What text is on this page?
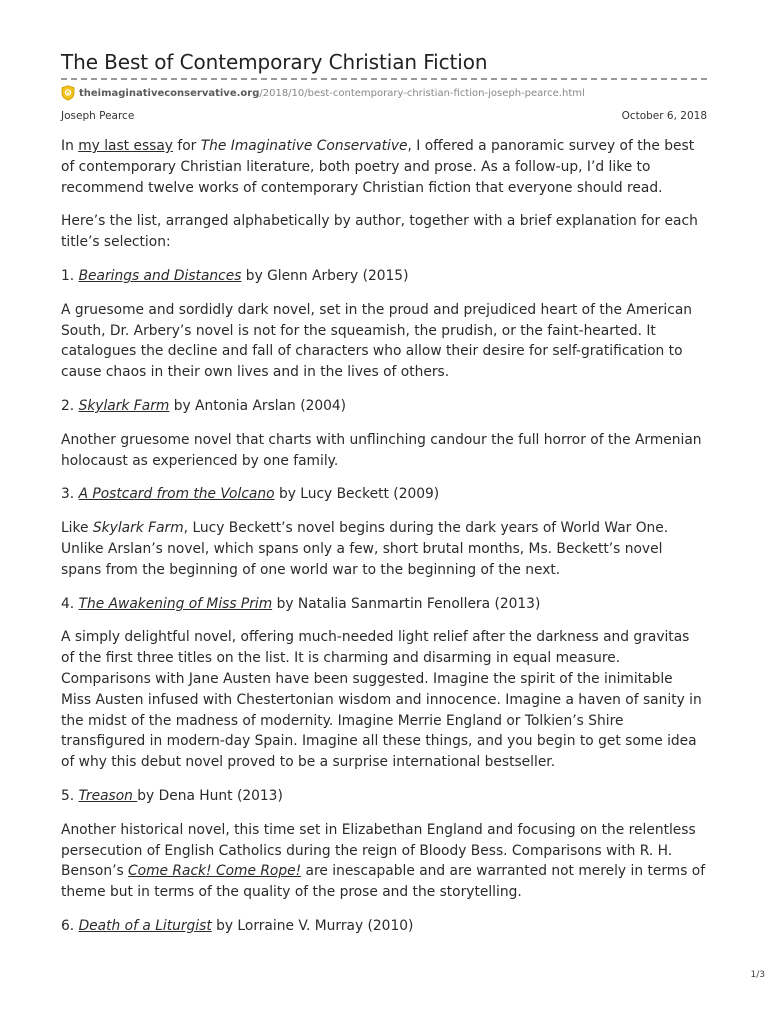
The Best of Contemporary Christian Fiction
theimaginativeconservative.org /2018/10/best-contemporary-christian-fiction-joseph-pearce.html
Joseph Pearce	October 6, 2018

In my last essay for The Imaginative Conservative, I offered a panoramic survey of the best of contemporary Christian literature, both poetry and prose. As a follow-up, I’d like to recommend twelve works of contemporary Christian fiction that everyone should read.

Here’s the list, arranged alphabetically by author, together with a brief explanation for each title’s selection:

1. Bearings and Distances by Glenn Arbery (2015)

A gruesome and sordidly dark novel, set in the proud and prejudiced heart of the American South, Dr. Arbery’s novel is not for the squeamish, the prudish, or the faint-hearted. It catalogues the decline and fall of characters who allow their desire for self-gratification to cause chaos in their own lives and in the lives of others.

2. Skylark Farm by Antonia Arslan (2004)

Another gruesome novel that charts with unflinching candour the full horror of the Armenian holocaust as experienced by one family.

3. A Postcard from the Volcano by Lucy Beckett (2009)

Like Skylark Farm, Lucy Beckett’s novel begins during the dark years of World War One. Unlike Arslan’s novel, which spans only a few, short brutal months, Ms. Beckett’s novel spans from the beginning of one world war to the beginning of the next.

4. The Awakening of Miss Prim by Natalia Sanmartin Fenollera (2013)

A simply delightful novel, offering much-needed light relief after the darkness and gravitas of the first three titles on the list. It is charming and disarming in equal measure. Comparisons with Jane Austen have been suggested. Imagine the spirit of the inimitable Miss Austen infused with Chestertonian wisdom and innocence. Imagine a haven of sanity in the midst of the madness of modernity. Imagine Merrie England or Tolkien’s Shire transfigured in modern-day Spain. Imagine all these things, and you begin to get some idea of why this debut novel proved to be a surprise international bestseller.

5. Treason by Dena Hunt (2013)

Another historical novel, this time set in Elizabethan England and focusing on the relentless persecution of English Catholics during the reign of Bloody Bess. Comparisons with R. H. Benson’s Come Rack! Come Rope! are inescapable and are warranted not merely in terms of theme but in terms of the quality of the prose and the storytelling.

6. Death of a Liturgist by Lorraine V. Murray (2010)

1/3
